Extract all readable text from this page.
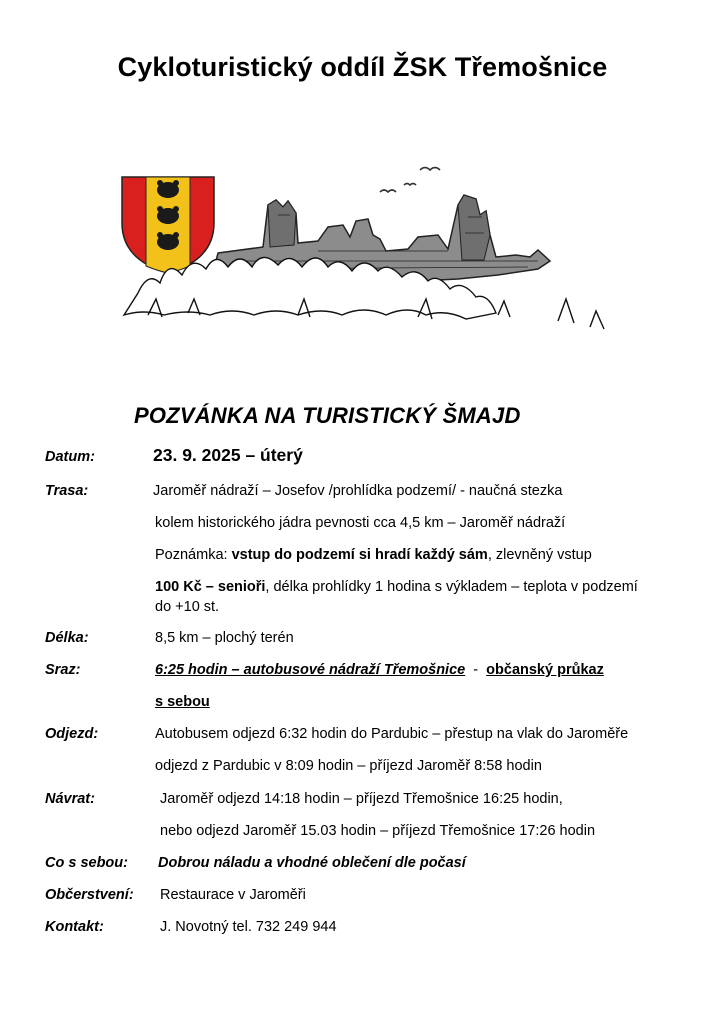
Cykloturistický oddíl ŽSK Třemošnice
POZVÁNKA NA TURISTICKÝ ŠMAJD
Datum:	23. 9. 2025 – úterý
Trasa:	Jaroměř nádraží – Josefov /prohlídka podzemí/ - naučná stezka
kolem historického jádra pevnosti cca 4,5 km – Jaroměř nádraží
Poznámka: vstup do podzemí si hradí každý sám, zlevněný vstup
100 Kč – senioři, délka prohlídky 1 hodina s výkladem – teplota v podzemí
do +10 st.
Délka:	8,5 km – plochý terén
Sraz:	6:25 hodin – autobusové nádraží Třemošnice  -  občanský průkaz
s sebou
Odjezd:	Autobusem odjezd 6:32 hodin do Pardubic – přestup na vlak do Jaroměře
odjezd z Pardubic v 8:09 hodin – příjezd Jaroměř 8:58 hodin
Návrat:	Jaroměř odjezd 14:18 hodin – příjezd Třemošnice 16:25 hodin,
nebo odjezd Jaroměř 15.03 hodin – příjezd Třemošnice 17:26 hodin
Co s sebou: Dobrou náladu a vhodné oblečení dle počasí
Občerstvení: Restaurace v Jaroměři
Kontakt:	J. Novotný tel. 732 249 944
